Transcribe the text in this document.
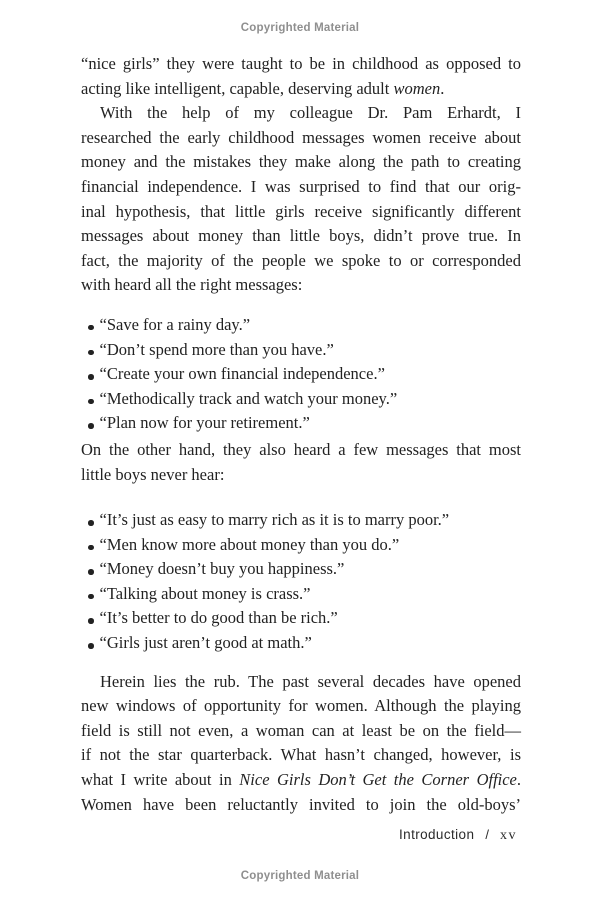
Copyrighted Material
“nice girls” they were taught to be in childhood as opposed to
acting like intelligent, capable, deserving adult women.
With the help of my colleague Dr. Pam Erhardt, I
researched the early childhood messages women receive about
money and the mistakes they make along the path to creating
financial independence. I was surprised to find that our orig-
inal hypothesis, that little girls receive significantly different
messages about money than little boys, didn’t prove true. In
fact, the majority of the people we spoke to or corresponded
with heard all the right messages:
“Save for a rainy day.”
“Don’t spend more than you have.”
“Create your own financial independence.”
“Methodically track and watch your money.”
“Plan now for your retirement.”
On the other hand, they also heard a few messages that most
little boys never hear:
“It’s just as easy to marry rich as it is to marry poor.”
“Men know more about money than you do.”
“Money doesn’t buy you happiness.”
“Talking about money is crass.”
“It’s better to do good than be rich.”
“Girls just aren’t good at math.”
Herein lies the rub. The past several decades have opened
new windows of opportunity for women. Although the playing
field is still not even, a woman can at least be on the field—
if not the star quarterback. What hasn’t changed, however, is
what I write about in Nice Girls Don’t Get the Corner Office.
Women have been reluctantly invited to join the old-boys’
Introduction / xv
Copyrighted Material
